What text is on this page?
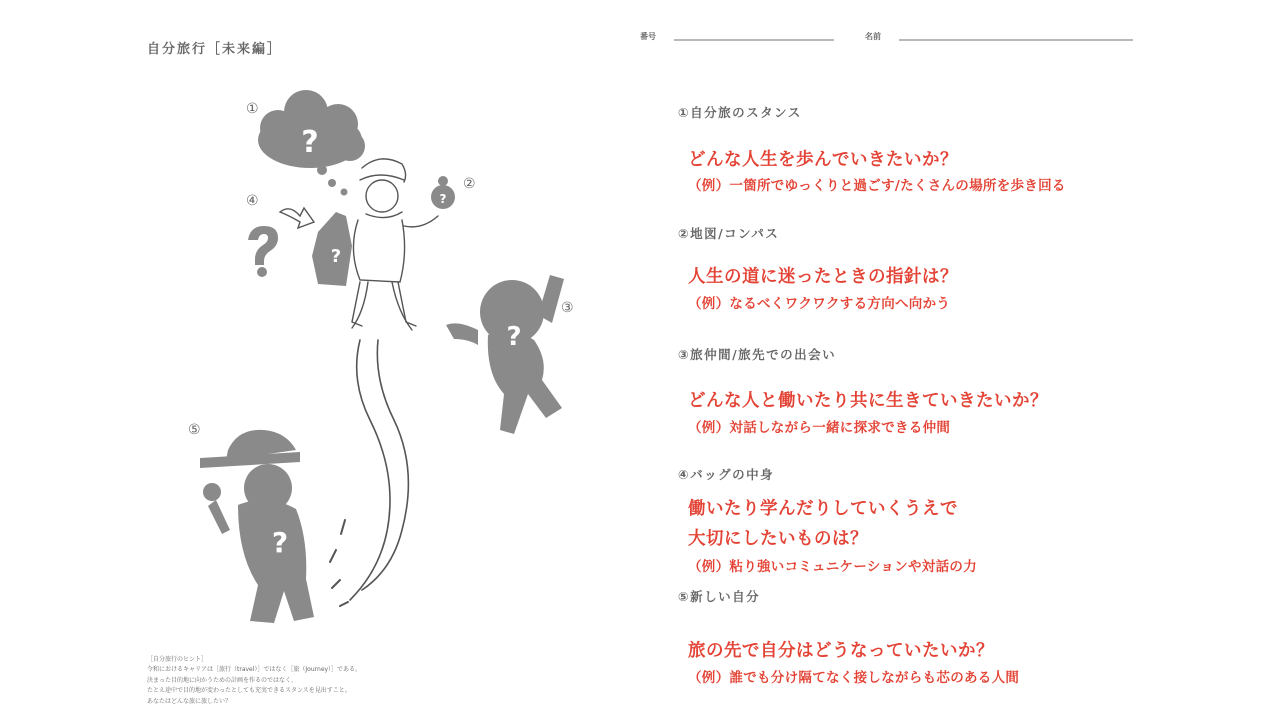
自分旅行［未来編］
番号	名前
?
?
?
?
?
①
②
③
④
⑤
［自分旅行のヒント］
令和におけるキャリアは［旅行（travel）］ではなく［旅（Journey）］である。
決まった目的地に向かうための計画を作るのではなく、
たとえ途中で目的地が変わったとしても充実できるスタンスを見出すこと。
あなたはどんな旅に旅したい？
①自分旅のスタンス
どんな人生を歩んでいきたいか？
（例）一箇所でゆっくりと過ごす/たくさんの場所を歩き回る
②地図/コンパス
人生の道に迷ったときの指針は？
（例）なるべくワクワクする方向へ向かう
③旅仲間/旅先での出会い
どんな人と働いたり共に生きていきたいか？
（例）対話しながら一緒に探求できる仲間
④バッグの中身
働いたり学んだりしていくうえで
大切にしたいものは？
（例）粘り強いコミュニケーションや対話の力
⑤新しい自分
旅の先で自分はどうなっていたいか？
（例）誰でも分け隔てなく接しながらも芯のある人間
